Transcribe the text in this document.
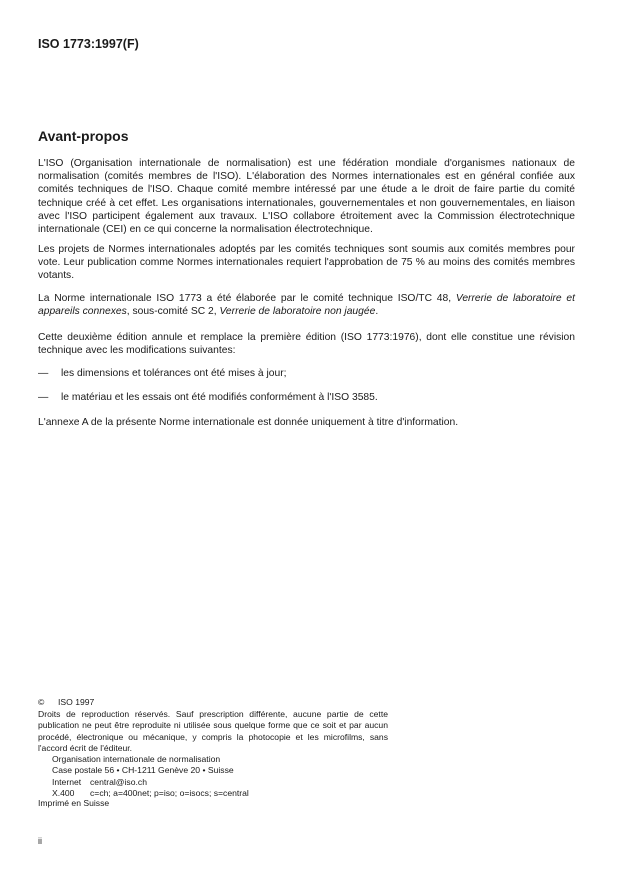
ISO 1773:1997(F)
Avant-propos
L'ISO (Organisation internationale de normalisation) est une fédération mondiale d'organismes nationaux de normalisation (comités membres de l'ISO). L'élaboration des Normes internationales est en général confiée aux comités techniques de l'ISO. Chaque comité membre intéressé par une étude a le droit de faire partie du comité technique créé à cet effet. Les organisations internationales, gouvernementales et non gouvernementales, en liaison avec l'ISO participent également aux travaux. L'ISO collabore étroitement avec la Commission électrotechnique internationale (CEI) en ce qui concerne la normalisation électrotechnique.
Les projets de Normes internationales adoptés par les comités techniques sont soumis aux comités membres pour vote. Leur publication comme Normes internationales requiert l'approbation de 75 % au moins des comités membres votants.
La Norme internationale ISO 1773 a été élaborée par le comité technique ISO/TC 48, Verrerie de laboratoire et appareils connexes, sous-comité SC 2, Verrerie de laboratoire non jaugée.
Cette deuxième édition annule et remplace la première édition (ISO 1773:1976), dont elle constitue une révision technique avec les modifications suivantes:
— les dimensions et tolérances ont été mises à jour;
— le matériau et les essais ont été modifiés conformément à l'ISO 3585.
L'annexe A de la présente Norme internationale est donnée uniquement à titre d'information.
© ISO 1997
Droits de reproduction réservés. Sauf prescription différente, aucune partie de cette publication ne peut être reproduite ni utilisée sous quelque forme que ce soit et par aucun procédé, électronique ou mécanique, y compris la photocopie et les microfilms, sans l'accord écrit de l'éditeur.
Organisation internationale de normalisation
Case postale 56 • CH-1211 Genève 20 • Suisse
Internet central@iso.ch
X.400 c=ch; a=400net; p=iso; o=isocs; s=central
Imprimé en Suisse
ii
